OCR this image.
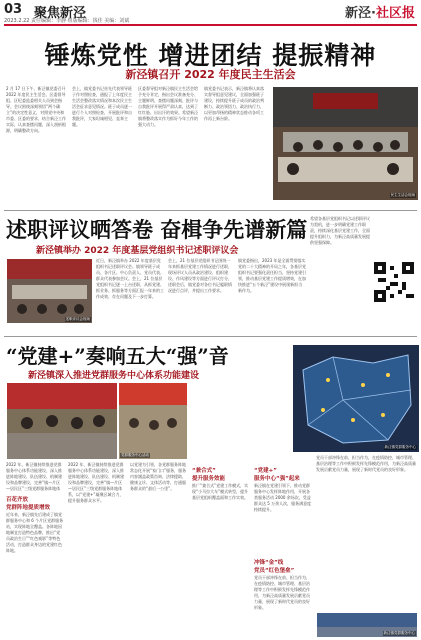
03 聚焦新泾
2023.2.22 责任编辑：李静 组版编辑：钱佳 美编：刘斌	新泾·社区报
锤炼党性 增进团结 提振精神
新泾镇召开 2022 年度民主生活会
2 月 17 日下午，新泾镇党委召开 2022 年度民主生活会。区委督导组、区纪委监委相关人员到会指导。会议围绕深刻领悟“两个确立”的决定性意义，对照党中央和市委、区委的要求，结合新泾工作实际，认真查摆问题，深入剖析根源，明确整改方向。
会上，镇党委书记首先代表领导班子作对照检查，通报了上年度民主生活会整改落实情况和本次民主生活会征求意见情况。班子成员逐一进行个人对照检查，开展批评和自我批评，大家坦诚相见、直奔主题。
区委督导组对新泾镇民主生活会给予充分肯定，指出会议准备充分、主题鲜明、查摆问题深刻、批评与自我批评开展得严肃认真，达到了红红脸、出出汗的效果。希望新泾镇将整改落实作为抓好今年工作的强大动力。
镇党委书记表示，新泾镇将认真落实督导组意见建议，全面加强班子建设，持续提升班子成员的政治判断力、政治领悟力、政治执行力，以更加昂扬的精神状态推动各项工作再上新台阶。
民主生活会现场
述职评议晒答卷 奋楫争先谱新篇
新泾镇举办 2022 年度基层党组织书记述职评议会
述职评议会现场
近日，新泾镇举办 2022 年度基层党组织书记述职评议会。镇领导班子成员、各片区、中心负责人、党员代表、群众代表参加会议。会上，21 位基层党组织书记逐一上台述职，从抓党建、抓业务、抓服务等方面汇报一年来的工作成效、存在问题及下一步打算。
会上，21 位基层党组织书记围绕一年来抓基层党建工作情况进行述职，现场评议人员从政治建设、组织建设、作风建设等方面进行评议打分，述职会后，镇党委对各位书记履职情况进行点评，并提出工作要求。
镇党委指出，2023 年是全面贯彻落实党的二十大精神的开局之年，各基层党组织书记要强化责任担当，坚持党建引领，推动基层党建工作提质增效，在加快推进“五个新泾”建设中展现新担当新作为。
希望各基层党组织书记以述职评议为契机，进一步明确党建工作职责，持续深化基层党建工作，全面提升组织力，为新泾高质量发展提供坚强保障。
“党建+”奏响五大“强”音
新泾镇深入推进党群服务中心体系功能建设
党群服务中心活动
新泾镇党群服务中心
2022 年，新泾镇持续推进党群服务中心体系功能建设，深入推进阵地建设、队伍建设、机制建设和品牌建设，完善“镇—片区—居民区”三级党群服务阵地体
百花齐放
党群阵地提质增效
近年来，新泾镇先后建成了镇党群服务中心和 6 个片区党群服务站，实现阵地全覆盖。各阵地因地制宜打造特色品牌，推出“党员政治生日”“红色观影”等特色活动，打造群众身边的党建红色阵地。
2022 年，新泾镇持续推进党群服务中心体系功能建设，深入推进阵地建设、队伍建设、机制建设和品牌建设，完善“镇—片区—居民区”三级党群服务阵地体系，以“党建+”凝聚区域合力，提升服务群众水平。
以党建为引领，各党群服务阵地常态化开展“家门口”服务，服务内容涵盖政策咨询、法律援助、健康义诊、文体活动等，打通服务群众的“最后一公里”。
“兼合式”
提升服务效能
推广“兼合式”党建工作模式，实现“小马拉大车”模式转型，提升基层党组织覆盖面和工作实效。
“党建+”
服务中心“强”起来
新泾镇在党建引领下，推动党群服务中心发挥阵地作用，开展各类服务活动 2000 余场次，受益群众达 5 万余人次，服务满意度持续提升。
冲锋“金”线
党员“红色堡垒”
党员干部冲锋在前、担当作为，在疫情防控、城市管理、基层治理等工作中积极发挥先锋模范作用，为新泾高质量发展贡献党员力量，展现了新时代党员的良好形象。
党员干部冲锋在前、担当作为，在疫情防控、城市管理、基层治理等工作中积极发挥先锋模范作用，为新泾高质量发展贡献党员力量，展现了新时代党员的良好形象。
新泾镇党群服务中心
